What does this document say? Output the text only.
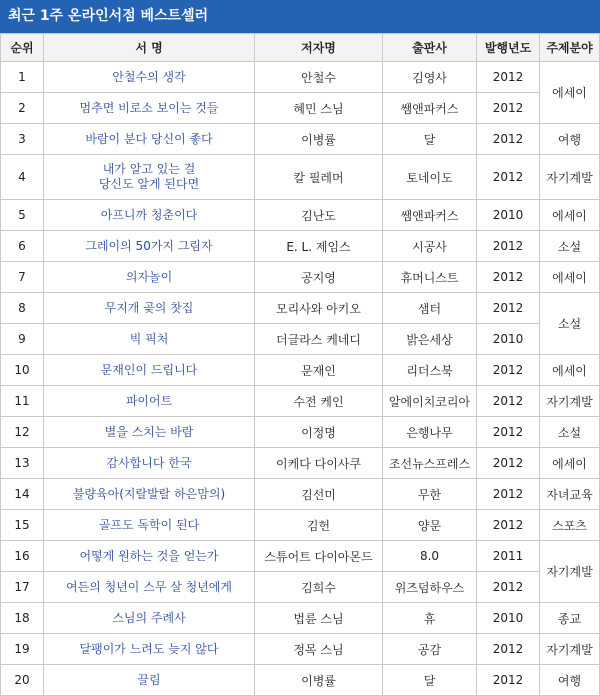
최근 1주 온라인서점 베스트셀러
순위	서 명	저자명	출판사	발행년도	주제분야
1	안철수의 생각	안철수	김영사	2012	에세이
2	멈추면 비로소 보이는 것들	혜민 스님	쌤앤파커스	2012	
3	바람이 분다 당신이 좋다	이병률	달	2012	여행
4	내가 알고 있는 걸
당신도 알게 된다면	칼 필레머	토네이도	2012	자기계발
5	아프니까 청춘이다	김난도	쌤앤파커스	2010	에세이
6	그레이의 50가지 그림자	E. L. 제임스	시공사	2012	소설
7	의자놀이	공지영	휴머니스트	2012	에세이
8	무지개 곶의 찻집	모리사와 아키오	샘터	2012	소설
9	빅 픽처	더글라스 케네디	밝은세상	2010	
10	문재인이 드립니다	문재인	리더스북	2012	에세이
11	파이어트	수전 케인	알에이치코리아	2012	자기계발
12	별을 스치는 바람	이정명	은행나무	2012	소설
13	감사합니다 한국	이케다 다이사쿠	조선뉴스프레스	2012	에세이
14	불량육아(지랄발랄 하은맘의)	김선미	무한	2012	자녀교육
15	골프도 독학이 된다	김헌	양문	2012	스포츠
16	어떻게 원하는 것을 얻는가	스튜어트 다이아몬드	8.0	2011	자기계발
17	여든의 청년이 스무 살 청년에게	김희수	위즈덤하우스	2012	
18	스님의 주례사	법륜 스님	휴	2010	종교
19	달팽이가 느려도 늦지 않다	정목 스님	공감	2012	자기계발
20	끌림	이병률	달	2012	여행
